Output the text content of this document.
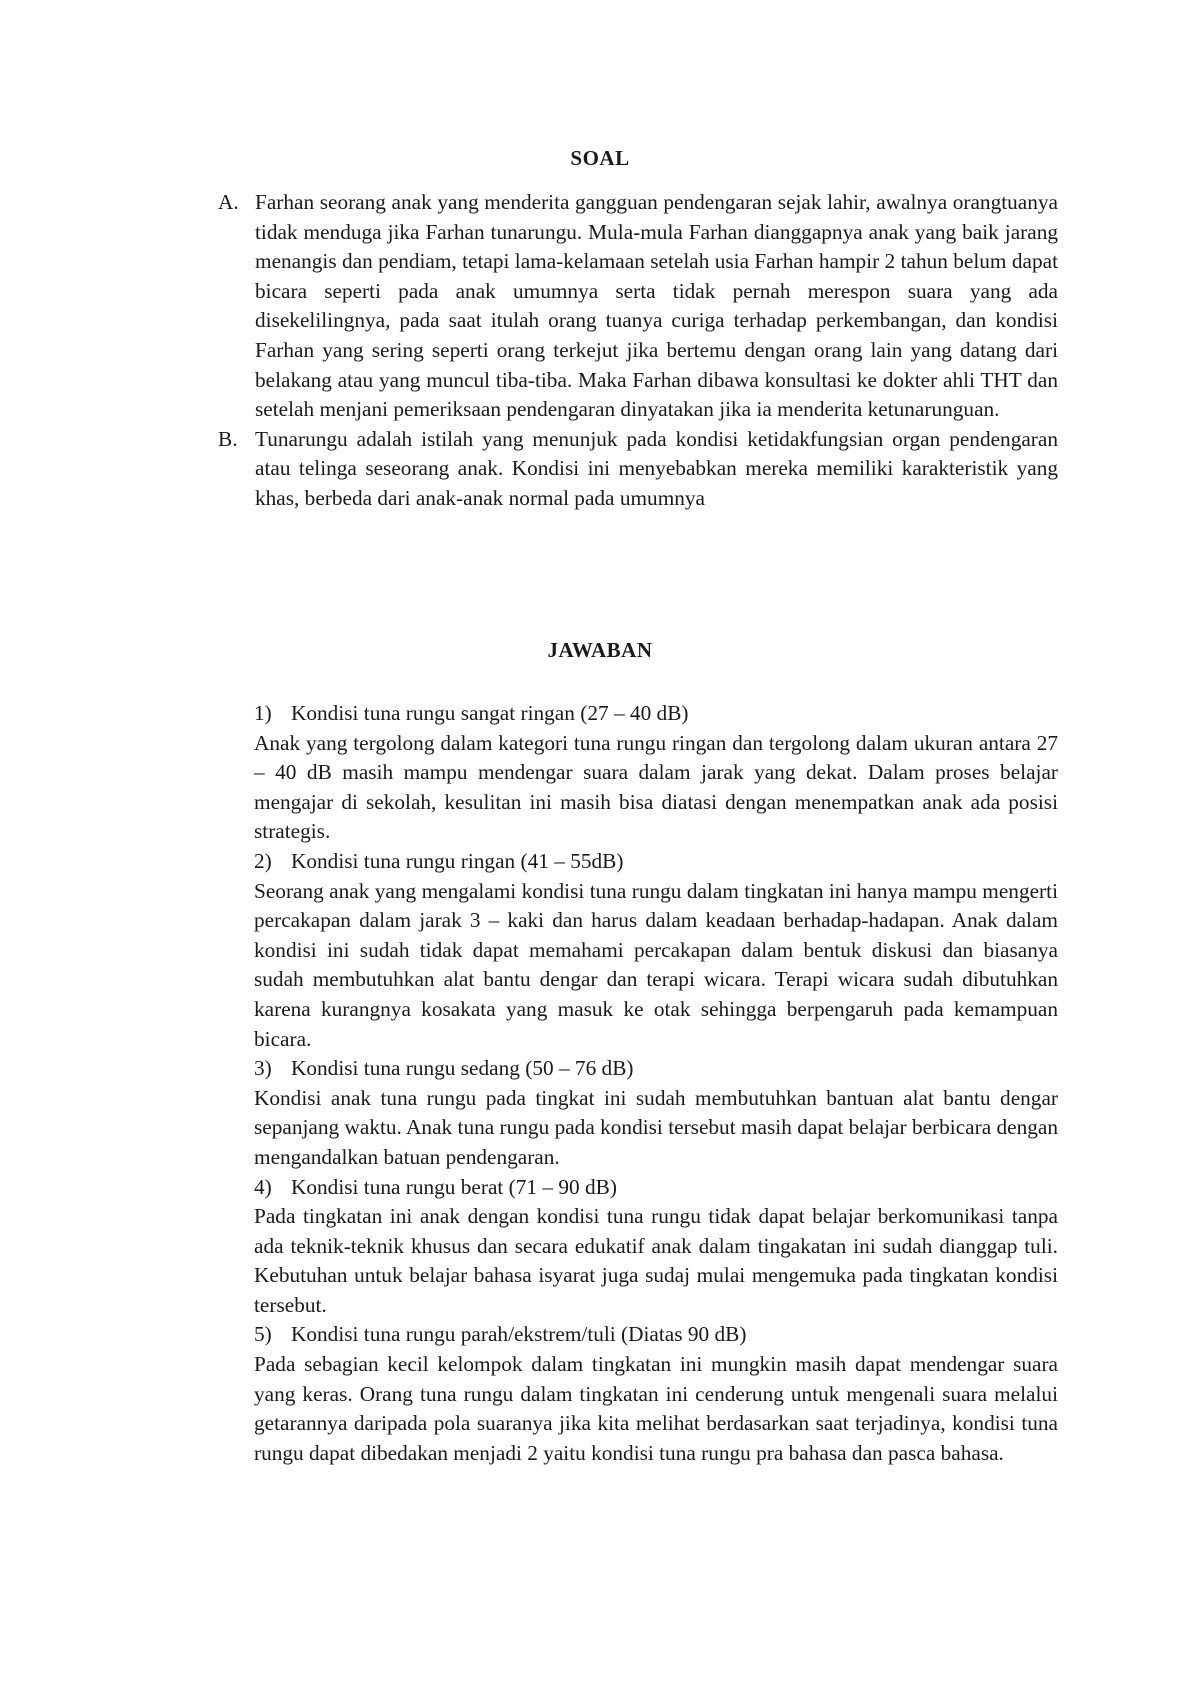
SOAL
A. Farhan seorang anak yang menderita gangguan pendengaran sejak lahir, awalnya orangtuanya tidak menduga jika Farhan tunarungu. Mula-mula Farhan dianggapnya anak yang baik jarang menangis dan pendiam, tetapi lama-kelamaan setelah usia Farhan hampir 2 tahun belum dapat bicara seperti pada anak umumnya serta tidak pernah merespon suara yang ada disekelilingnya, pada saat itulah orang tuanya curiga terhadap perkembangan, dan kondisi Farhan yang sering seperti orang terkejut jika bertemu dengan orang lain yang datang dari belakang atau yang muncul tiba-tiba. Maka Farhan dibawa konsultasi ke dokter ahli THT dan setelah menjani pemeriksaan pendengaran dinyatakan jika ia menderita ketunarunguan.
B. Tunarungu adalah istilah yang menunjuk pada kondisi ketidakfungsian organ pendengaran atau telinga seseorang anak. Kondisi ini menyebabkan mereka memiliki karakteristik yang khas, berbeda dari anak-anak normal pada umumnya
JAWABAN
1) Kondisi tuna rungu sangat ringan (27 – 40 dB)
Anak yang tergolong dalam kategori tuna rungu ringan dan tergolong dalam ukuran antara 27 – 40 dB masih mampu mendengar suara dalam jarak yang dekat. Dalam proses belajar mengajar di sekolah, kesulitan ini masih bisa diatasi dengan menempatkan anak ada posisi strategis.
2) Kondisi tuna rungu ringan (41 – 55dB)
Seorang anak yang mengalami kondisi tuna rungu dalam tingkatan ini hanya mampu mengerti percakapan dalam jarak 3 – kaki dan harus dalam keadaan berhadap-hadapan. Anak dalam kondisi ini sudah tidak dapat memahami percakapan dalam bentuk diskusi dan biasanya sudah membutuhkan alat bantu dengar dan terapi wicara. Terapi wicara sudah dibutuhkan karena kurangnya kosakata yang masuk ke otak sehingga berpengaruh pada kemampuan bicara.
3) Kondisi tuna rungu sedang (50 – 76 dB)
Kondisi anak tuna rungu pada tingkat ini sudah membutuhkan bantuan alat bantu dengar sepanjang waktu. Anak tuna rungu pada kondisi tersebut masih dapat belajar berbicara dengan mengandalkan batuan pendengaran.
4) Kondisi tuna rungu berat (71 – 90 dB)
Pada tingkatan ini anak dengan kondisi tuna rungu tidak dapat belajar berkomunikasi tanpa ada teknik-teknik khusus dan secara edukatif anak dalam tingakatan ini sudah dianggap tuli. Kebutuhan untuk belajar bahasa isyarat juga sudaj mulai mengemuka pada tingkatan kondisi tersebut.
5) Kondisi tuna rungu parah/ekstrem/tuli (Diatas 90 dB)
Pada sebagian kecil kelompok dalam tingkatan ini mungkin masih dapat mendengar suara yang keras. Orang tuna rungu dalam tingkatan ini cenderung untuk mengenali suara melalui getarannya daripada pola suaranya jika kita melihat berdasarkan saat terjadinya, kondisi tuna rungu dapat dibedakan menjadi 2 yaitu kondisi tuna rungu pra bahasa dan pasca bahasa.
